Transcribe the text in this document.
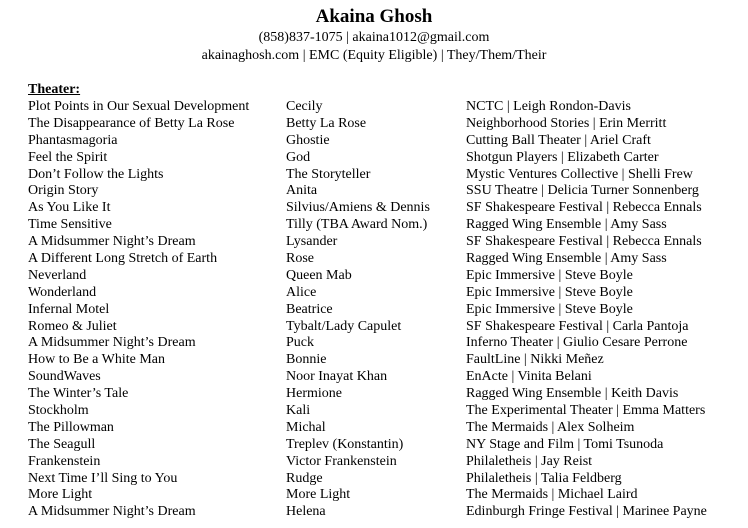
Akaina Ghosh
(858)837-1075 | akaina1012@gmail.com
akainaghosh.com | EMC (Equity Eligible) | They/Them/Their
Theater:
Plot Points in Our Sexual Development	Cecily	NCTC | Leigh Rondon-Davis
The Disappearance of Betty La Rose	Betty La Rose	Neighborhood Stories | Erin Merritt
Phantasmagoria	Ghostie	Cutting Ball Theater | Ariel Craft
Feel the Spirit	God	Shotgun Players | Elizabeth Carter
Don’t Follow the Lights	The Storyteller	Mystic Ventures Collective | Shelli Frew
Origin Story	Anita	SSU Theatre | Delicia Turner Sonnenberg
As You Like It	Silvius/Amiens & Dennis	SF Shakespeare Festival | Rebecca Ennals
Time Sensitive	Tilly (TBA Award Nom.)	Ragged Wing Ensemble | Amy Sass
A Midsummer Night’s Dream	Lysander	SF Shakespeare Festival | Rebecca Ennals
A Different Long Stretch of Earth	Rose	Ragged Wing Ensemble | Amy Sass
Neverland	Queen Mab	Epic Immersive | Steve Boyle
Wonderland	Alice	Epic Immersive | Steve Boyle
Infernal Motel	Beatrice	Epic Immersive | Steve Boyle
Romeo & Juliet	Tybalt/Lady Capulet	SF Shakespeare Festival | Carla Pantoja
A Midsummer Night’s Dream	Puck	Inferno Theater | Giulio Cesare Perrone
How to Be a White Man	Bonnie	FaultLine | Nikki Meñez
SoundWaves	Noor Inayat Khan	EnActe | Vinita Belani
The Winter’s Tale	Hermione	Ragged Wing Ensemble | Keith Davis
Stockholm	Kali	The Experimental Theater | Emma Matters
The Pillowman	Michal	The Mermaids | Alex Solheim
The Seagull	Treplev (Konstantin)	NY Stage and Film | Tomi Tsunoda
Frankenstein	Victor Frankenstein	Philaletheis | Jay Reist
Next Time I’ll Sing to You	Rudge	Philaletheis | Talia Feldberg
More Light	More Light	The Mermaids | Michael Laird
A Midsummer Night’s Dream	Helena	Edinburgh Fringe Festival | Marinee Payne
